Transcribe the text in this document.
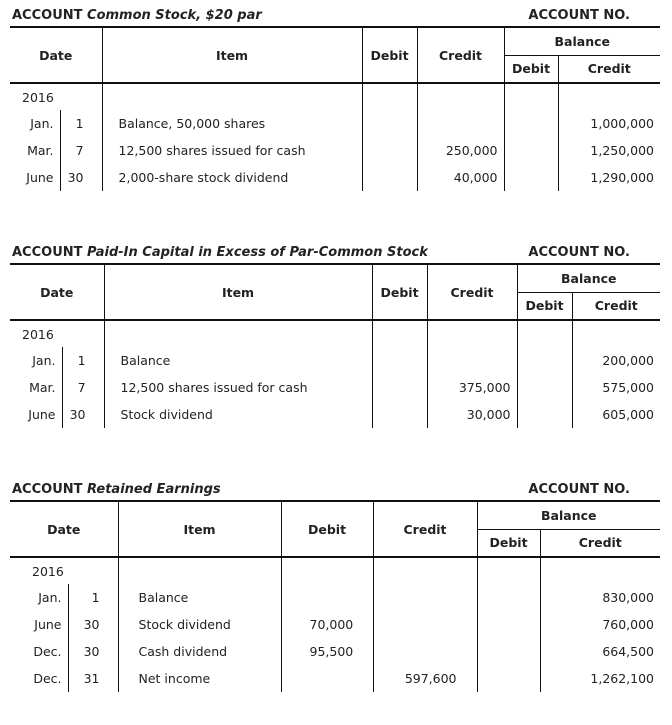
ACCOUNT Common Stock, $20 par	ACCOUNT NO.
Date		Item	Debit	Credit	Balance	
					Debit	Credit
2016						
Jan.	1	Balance, 50,000 shares				1,000,000
Mar.	7	12,500 shares issued for cash		250,000		1,250,000
June	30	2,000-share stock dividend		40,000		1,290,000
ACCOUNT Paid-In Capital in Excess of Par-Common Stock	ACCOUNT NO.
Date		Item	Debit	Credit	Balance	
					Debit	Credit
2016						
Jan.	1	Balance				200,000
Mar.	7	12,500 shares issued for cash		375,000		575,000
June	30	Stock dividend		30,000		605,000
ACCOUNT Retained Earnings	ACCOUNT NO.
Date		Item	Debit	Credit	Balance	
					Debit	Credit
2016						
Jan.	1	Balance				830,000
June	30	Stock dividend	70,000			760,000
Dec.	30	Cash dividend	95,500			664,500
Dec.	31	Net income		597,600		1,262,100
